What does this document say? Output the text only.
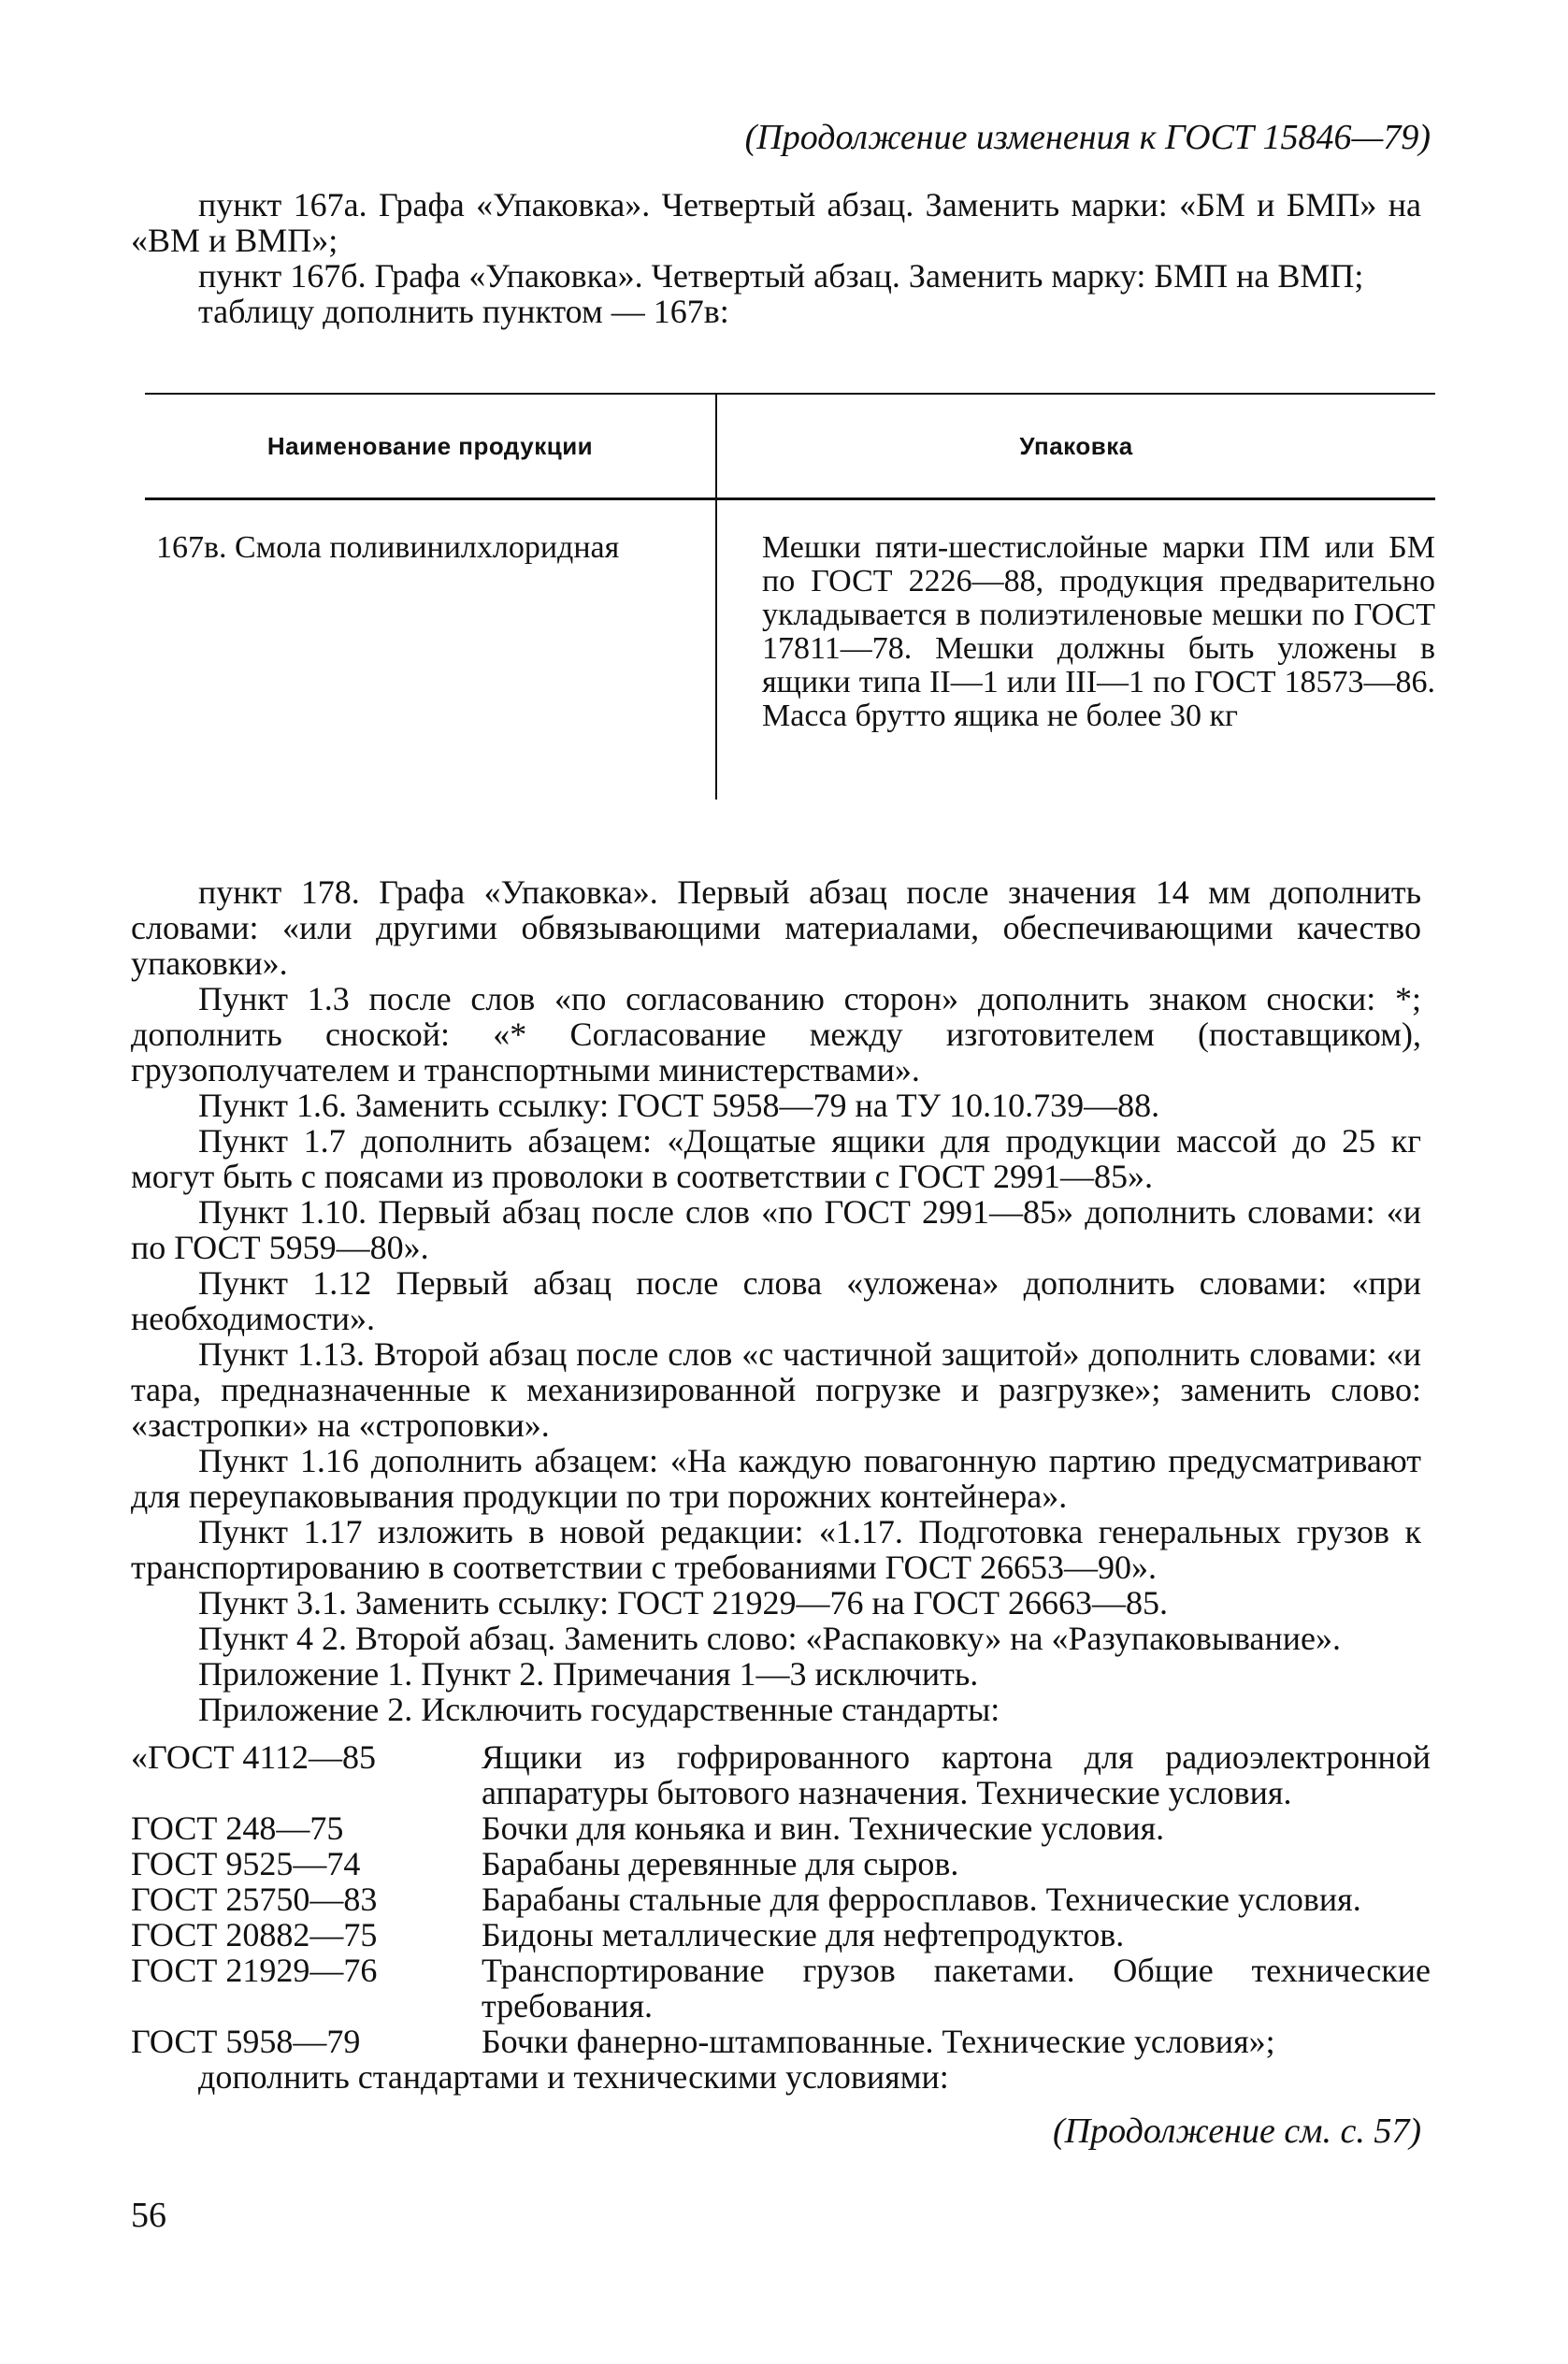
(Продолжение изменения к ГОСТ 15846—79)

пункт 167а. Графа «Упаковка». Четвертый абзац. Заменить марки: «БМ и БМП» на «ВМ и ВМП»;

пункт 167б. Графа «Упаковка». Четвертый абзац. Заменить марку: БМП на ВМП;

таблицу дополнить пунктом — 167в:

Наименование продукции	Упаковка
167в. Смола поливинилхлоридная	Мешки пяти-шестислойные марки ПМ или БМ по ГОСТ 2226—88, продукция предварительно укладывается в полиэтиленовые мешки по ГОСТ 17811—78. Мешки должны быть уложены в ящики типа II—1 или III—1 по ГОСТ 18573—86. Масса брутто ящика не более 30 кг

пункт 178. Графа «Упаковка». Первый абзац после значения 14 мм дополнить словами: «или другими обвязывающими материалами, обеспечивающими качество упаковки».

Пункт 1.3 после слов «по согласованию сторон» дополнить знаком сноски: *; дополнить сноской: «* Согласование между изготовителем (поставщиком), грузополучателем и транспортными министерствами».

Пункт 1.6. Заменить ссылку: ГОСТ 5958—79 на ТУ 10.10.739—88.

Пункт 1.7 дополнить абзацем: «Дощатые ящики для продукции массой до 25 кг могут быть с поясами из проволоки в соответствии с ГОСТ 2991—85».

Пункт 1.10. Первый абзац после слов «по ГОСТ 2991—85» дополнить словами: «и по ГОСТ 5959—80».

Пункт 1.12 Первый абзац после слова «уложена» дополнить словами: «при необходимости».

Пункт 1.13. Второй абзац после слов «с частичной защитой» дополнить словами: «и тара, предназначенные к механизированной погрузке и разгрузке»; заменить слово: «застропки» на «строповки».

Пункт 1.16 дополнить абзацем: «На каждую повагонную партию предусматривают для переупаковывания продукции по три порожних контейнера».

Пункт 1.17 изложить в новой редакции: «1.17. Подготовка генеральных грузов к транспортированию в соответствии с требованиями ГОСТ 26653—90».

Пункт 3.1. Заменить ссылку: ГОСТ 21929—76 на ГОСТ 26663—85.

Пункт 4 2. Второй абзац. Заменить слово: «Распаковку» на «Разупаковывание».

Приложение 1. Пункт 2. Примечания 1—3 исключить.

Приложение 2. Исключить государственные стандарты:

«ГОСТ 4112—85	Ящики из гофрированного картона для радиоэлектронной аппаратуры бытового назначения. Технические условия.
ГОСТ 248—75	Бочки для коньяка и вин. Технические условия.
ГОСТ 9525—74	Барабаны деревянные для сыров.
ГОСТ 25750—83	Барабаны стальные для ферросплавов. Технические условия.
ГОСТ 20882—75	Бидоны металлические для нефтепродуктов.
ГОСТ 21929—76	Транспортирование грузов пакетами. Общие технические требования.
ГОСТ 5958—79	Бочки фанерно-штампованные. Технические условия»;

дополнить стандартами и техническими условиями:

(Продолжение см. с. 57)
56
